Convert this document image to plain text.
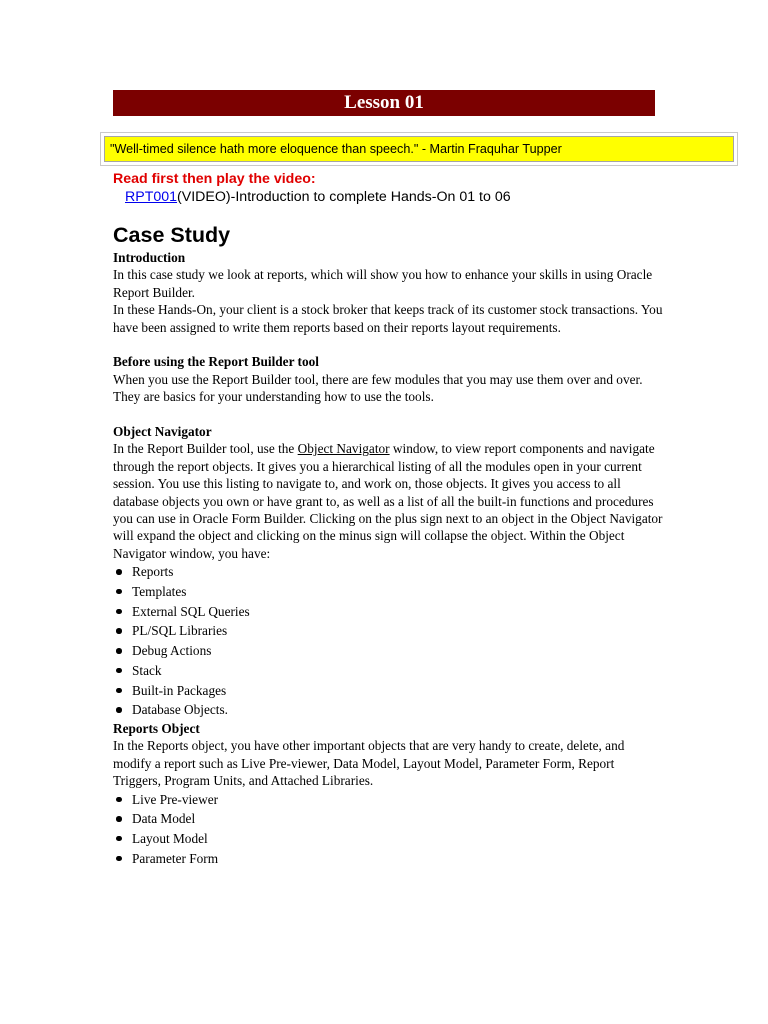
Lesson 01
"Well-timed silence hath more eloquence than speech." - Martin Fraquhar Tupper
Read first then play the video:
RPT001(VIDEO)-Introduction to complete Hands-On 01 to 06
Case Study

Introduction

In this case study we look at reports, which will show you how to enhance your skills in using Oracle Report Builder.

In these Hands-On, your client is a stock broker that keeps track of its customer stock transactions. You have been assigned to write them reports based on their reports layout requirements.

Before using the Report Builder tool

When you use the Report Builder tool, there are few modules that you may use them over and over. They are basics for your understanding how to use the tools.

Object Navigator

In the Report Builder tool, use the Object Navigator window, to view report components and navigate through the report objects. It gives you a hierarchical listing of all the modules open in your current session. You use this listing to navigate to, and work on, those objects. It gives you access to all database objects you own or have grant to, as well as a list of all the built-in functions and procedures you can use in Oracle Form Builder. Clicking on the plus sign next to an object in the Object Navigator will expand the object and clicking on the minus sign will collapse the object. Within the Object Navigator window, you have:

Reports
Templates
External SQL Queries
PL/SQL Libraries
Debug Actions
Stack
Built-in Packages
Database Objects.

Reports Object

In the Reports object, you have other important objects that are very handy to create, delete, and modify a report such as Live Pre-viewer, Data Model, Layout Model, Parameter Form, Report Triggers, Program Units, and Attached Libraries.

Live Pre-viewer
Data Model
Layout Model
Parameter Form
